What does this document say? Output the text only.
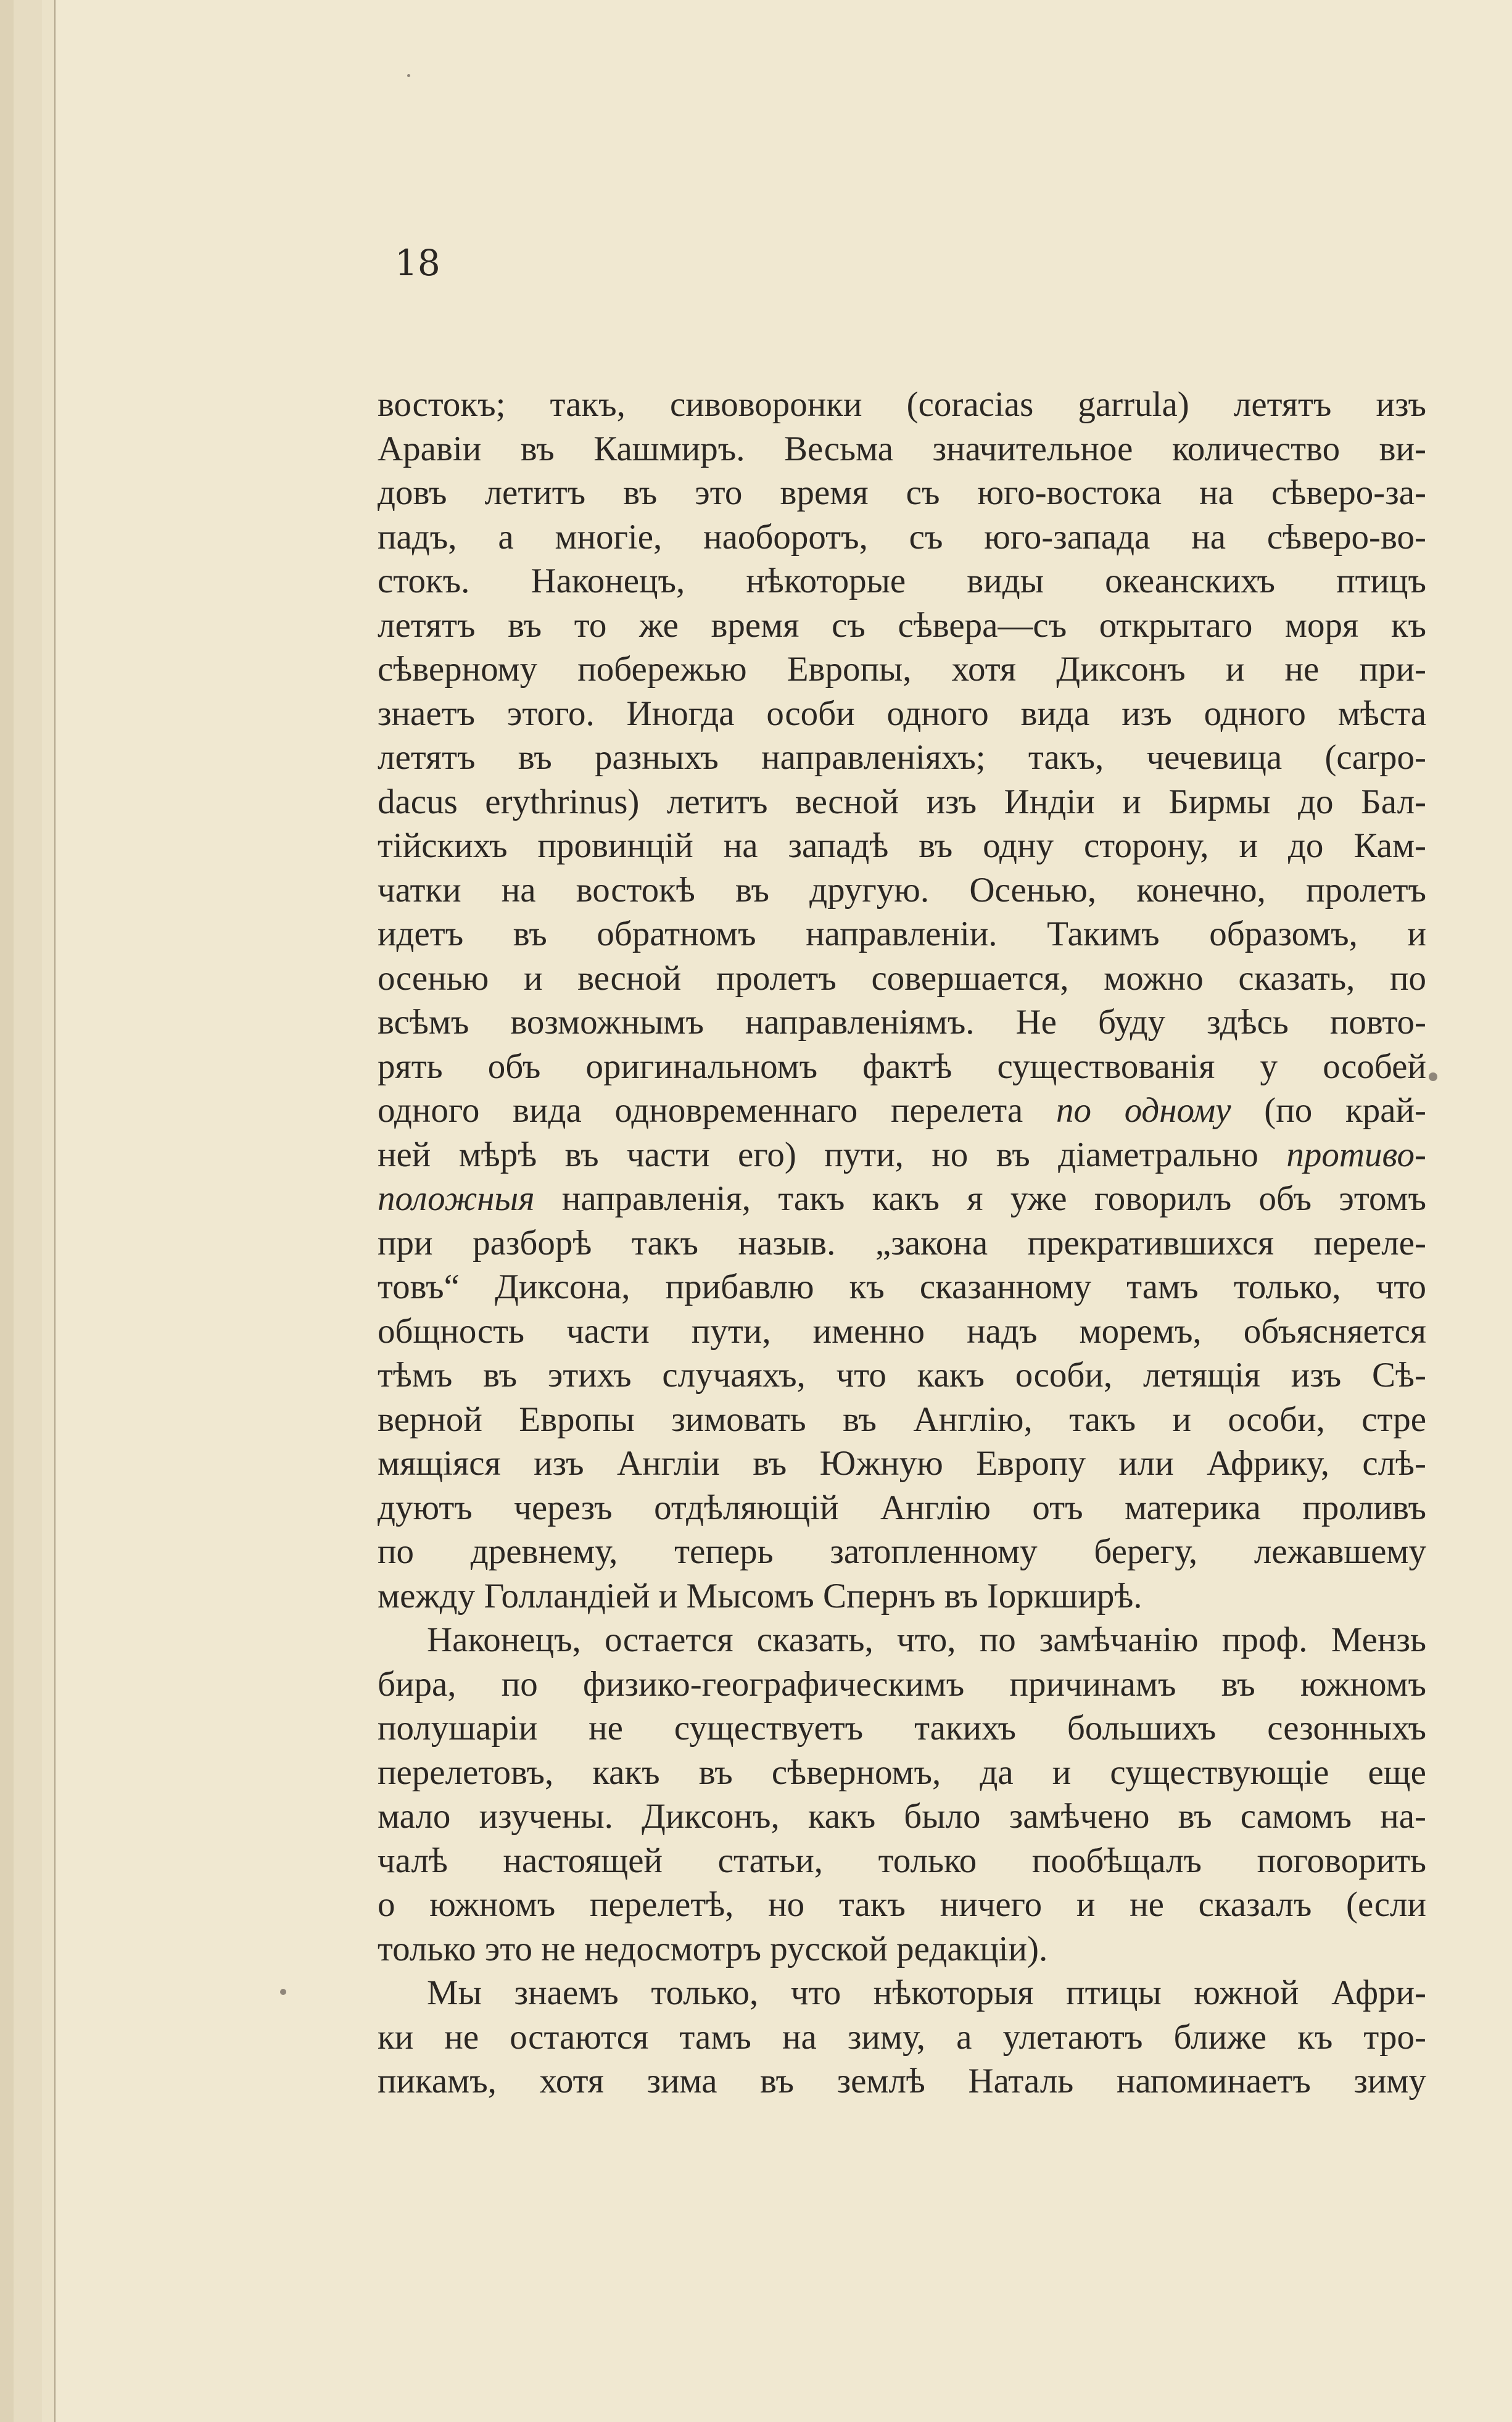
18
востокъ; такъ, сивоворонки (coracias garrula) летятъ изъ
Аравіи въ Кашмиръ. Весьма значительное количество ви-
довъ летитъ въ это время съ юго-востока на сѣверо-за-
падъ, а многіе, наоборотъ, съ юго-запада на сѣверо-во-
стокъ. Наконецъ, нѣкоторые виды океанскихъ птицъ
летятъ въ то же время съ сѣвера—съ открытаго моря къ
сѣверному побережью Европы, хотя Диксонъ и не при-
знаетъ этого. Иногда особи одного вида изъ одного мѣста
летятъ въ разныхъ направленіяхъ; такъ, чечевица (carpo-
dacus erythrinus) летитъ весной изъ Индіи и Бирмы до Бал-
тійскихъ провинцій на западѣ въ одну сторону, и до Кам-
чатки на востокѣ въ другую. Осенью, конечно, пролетъ
идетъ въ обратномъ направленіи. Такимъ образомъ, и
осенью и весной пролетъ совершается, можно сказать, по
всѣмъ возможнымъ направленіямъ. Не буду здѣсь повто-
рять объ оригинальномъ фактѣ существованія у особей
одного вида одновременнаго перелета по одному (по край-
ней мѣрѣ въ части его) пути, но въ діаметрально противо-
положныя направленія, такъ какъ я уже говорилъ объ этомъ
при разборѣ такъ назыв. „закона прекратившихся переле-
товъ“ Диксона, прибавлю къ сказанному тамъ только, что
общность части пути, именно надъ моремъ, объясняется
тѣмъ въ этихъ случаяхъ, что какъ особи, летящія изъ Сѣ-
верной Европы зимовать въ Англію, такъ и особи, стре
мящіяся изъ Англіи въ Южную Европу или Африку, слѣ-
дуютъ черезъ отдѣляющій Англію отъ материка проливъ
по древнему, теперь затопленному берегу, лежавшему
между Голландіей и Мысомъ Спернъ въ Іоркширѣ.
Наконецъ, остается сказать, что, по замѣчанію проф. Мензь
бира, по физико-географическимъ причинамъ въ южномъ
полушаріи не существуетъ такихъ большихъ сезонныхъ
перелетовъ, какъ въ сѣверномъ, да и существующіе еще
мало изучены. Диксонъ, какъ было замѣчено въ самомъ на-
чалѣ настоящей статьи, только пообѣщалъ поговорить
о южномъ перелетѣ, но такъ ничего и не сказалъ (если
только это не недосмотръ русской редакціи).
Мы знаемъ только, что нѣкоторыя птицы южной Афри-
ки не остаются тамъ на зиму, а улетаютъ ближе къ тро-
пикамъ, хотя зима въ землѣ Наталь напоминаетъ зиму
